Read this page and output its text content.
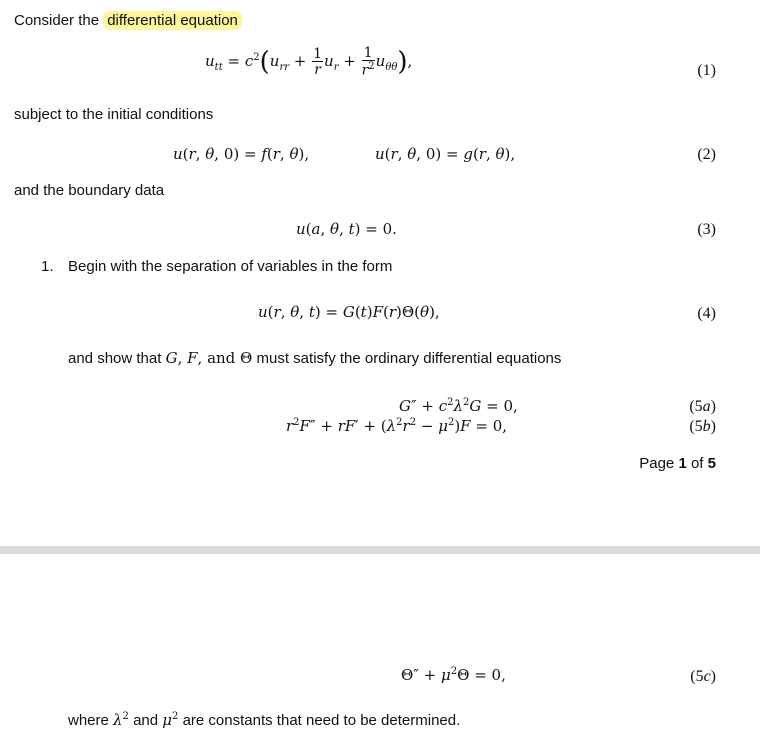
Consider the differential equation
$u_{tt} = c^2(u_{rr} + \frac{1}{r} u_r + \frac{1}{r^2} u_{\theta\theta})$,
(1)
subject to the initial conditions
u(r, θ, 0) = f(r, θ),	u(r, θ, 0) = g(r, θ),	(2)
and the boundary data
u(a, θ, t) = 0.	(3)
1. Begin with the separation of variables in the form
u(r, θ, t) = G(t)F(r)Θ(θ),	(4)
and show that G, F, and Θ must satisfy the ordinary differential equations
$G'' + c^2\lambda^2G = 0$,	(5a)
$r^2F'' + rF' + (\lambda^2r^2 - \mu^2)F = 0$,	(5b)
Page 1 of 5
$\Theta'' + \mu^2\Theta = 0$,	(5c)
where $\lambda^2$ and $\mu^2$ are constants that need to be determined.
